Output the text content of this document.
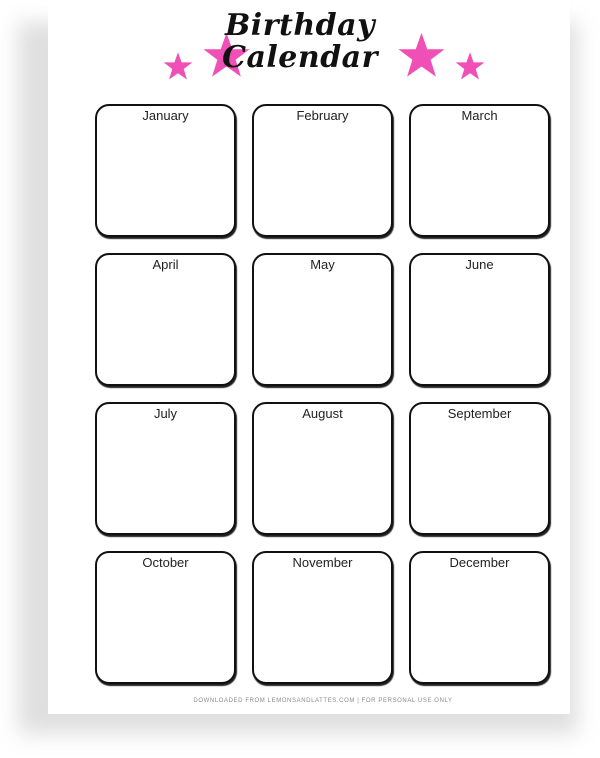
Birthday
Calendar
January	February	March
April	May	June
July	August	September
October	November	December
DOWNLOADED FROM LEMONSANDLATTES.COM | FOR PERSONAL USE ONLY
